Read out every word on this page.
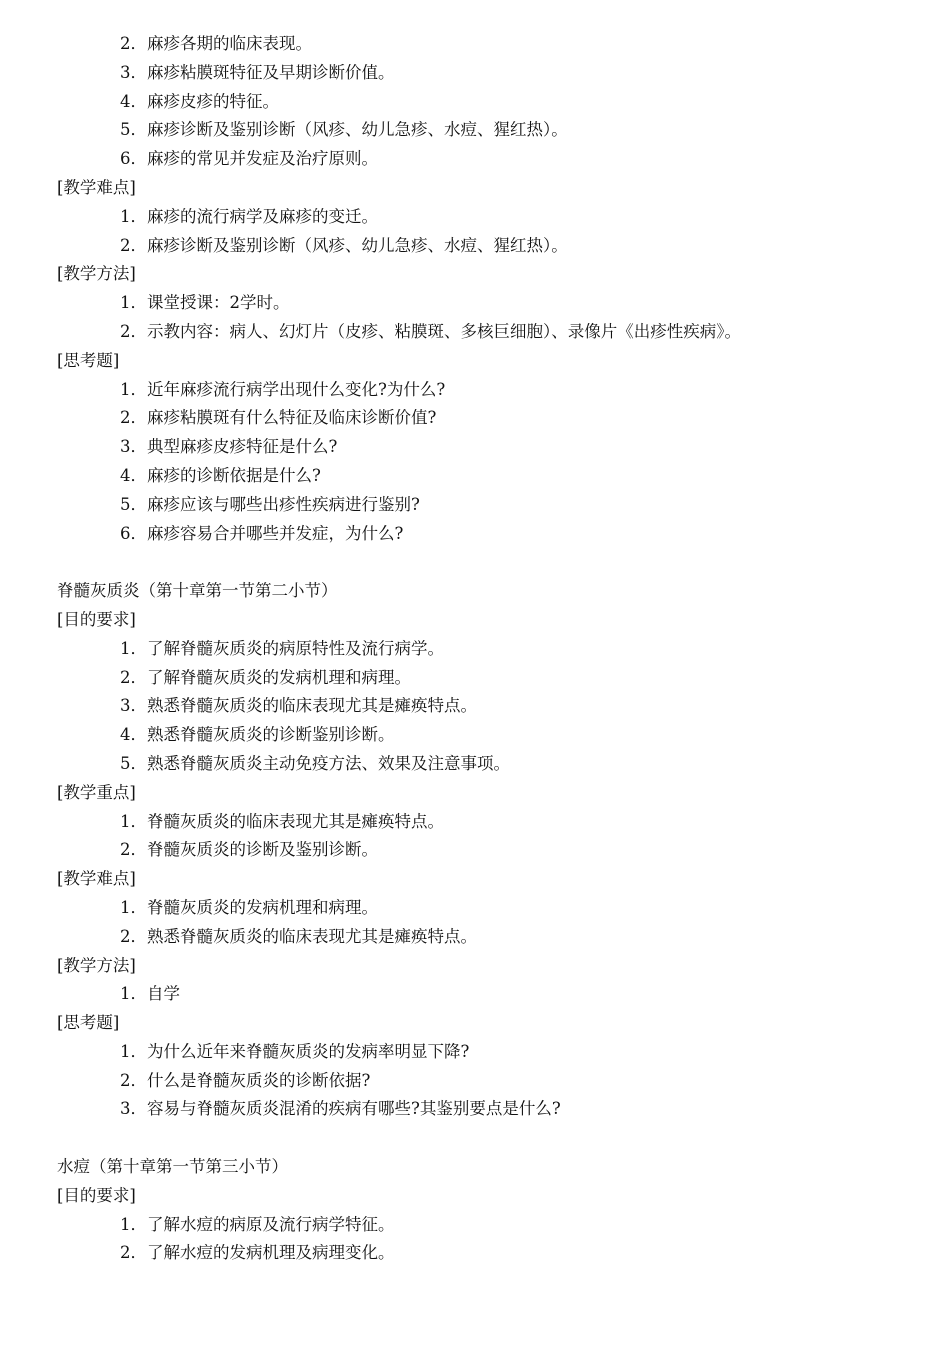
2．麻疹各期的临床表现。
3．麻疹粘膜斑特征及早期诊断价值。
4．麻疹皮疹的特征。
5．麻疹诊断及鉴别诊断（风疹、幼儿急疹、水痘、猩红热）。
6．麻疹的常见并发症及治疗原则。
[教学难点]
1．麻疹的流行病学及麻疹的变迁。
2．麻疹诊断及鉴别诊断（风疹、幼儿急疹、水痘、猩红热）。
[教学方法]
1．课堂授课：2学时。
2．示教内容：病人、幻灯片（皮疹、粘膜斑、多核巨细胞）、录像片《出疹性疾病》。
[思考题]
1．近年麻疹流行病学出现什么变化?为什么?
2．麻疹粘膜斑有什么特征及临床诊断价值?
3．典型麻疹皮疹特征是什么?
4．麻疹的诊断依据是什么?
5．麻疹应该与哪些出疹性疾病进行鉴别?
6．麻疹容易合并哪些并发症，为什么?
脊髓灰质炎（第十章第一节第二小节）
[目的要求]
1．了解脊髓灰质炎的病原特性及流行病学。
2．了解脊髓灰质炎的发病机理和病理。
3．熟悉脊髓灰质炎的临床表现尤其是瘫痪特点。
4．熟悉脊髓灰质炎的诊断鉴别诊断。
5．熟悉脊髓灰质炎主动免疫方法、效果及注意事项。
[教学重点]
1．脊髓灰质炎的临床表现尤其是瘫痪特点。
2．脊髓灰质炎的诊断及鉴别诊断。
[教学难点]
1．脊髓灰质炎的发病机理和病理。
2．熟悉脊髓灰质炎的临床表现尤其是瘫痪特点。
[教学方法]
1．自学
[思考题]
1．为什么近年来脊髓灰质炎的发病率明显下降?
2．什么是脊髓灰质炎的诊断依据?
3．容易与脊髓灰质炎混淆的疾病有哪些?其鉴别要点是什么?
水痘（第十章第一节第三小节）
[目的要求]
1．了解水痘的病原及流行病学特征。
2．了解水痘的发病机理及病理变化。
